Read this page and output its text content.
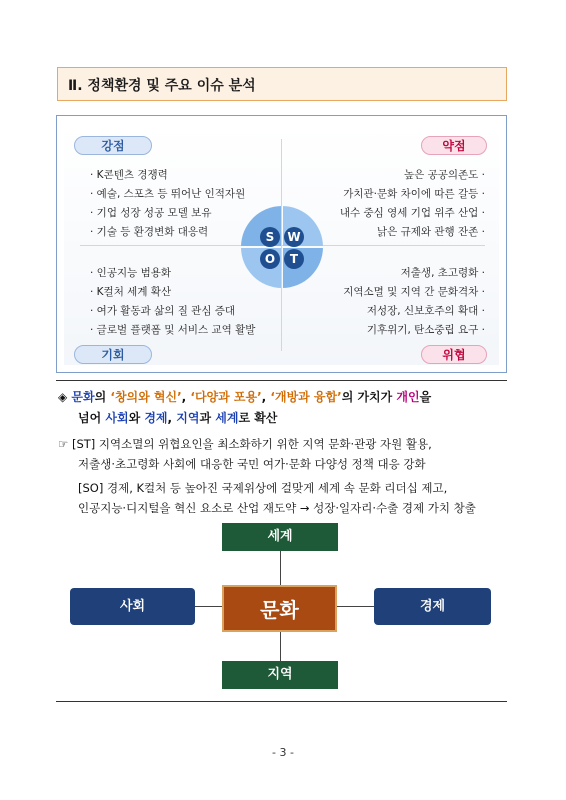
Ⅱ. 정책환경 및 주요 이슈 분석
강점	약점
기회	위협
· K콘텐츠 경쟁력
· 예술, 스포츠 등 뛰어난 인적자원
· 기업 성장 성공 모델 보유
· 기술 등 환경변화 대응력
높은 공공의존도 ·
가치관·문화 차이에 따른 갈등 ·
내수 중심 영세 기업 위주 산업 ·
낡은 규제와 관행 잔존 ·
· 인공지능 범용화
· K컬처 세계 확산
· 여가 활동과 삶의 질 관심 증대
· 글로벌 플랫폼 및 서비스 교역 활발
저출생, 초고령화 ·
지역소멸 및 지역 간 문화격차 ·
저성장, 신보호주의 확대 ·
기후위기, 탄소중립 요구 ·
S	W
O	T
◈ 문화의 ‘창의와 혁신’, ‘다양과 포용’, ‘개방과 융합’의 가치가 개인을
넘어 사회와 경제, 지역과 세계로 확산
☞ [ST] 지역소멸의 위협요인을 최소화하기 위한 지역 문화·관광 자원 활용,
저출생·초고령화 사회에 대응한 국민 여가·문화 다양성 정책 대응 강화
[SO] 경제, K컬처 등 높아진 국제위상에 걸맞게 세계 속 문화 리더십 제고,
인공지능·디지털을 혁신 요소로 산업 재도약 → 성장·일자리·수출 경제 가치 창출
세계
문화
사회	경제
지역
- 3 -
